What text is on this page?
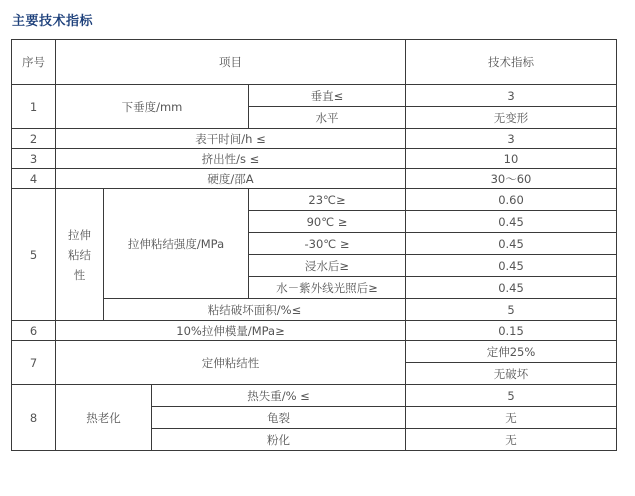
主要技术指标
序号	项目				技术指标
1	下垂度/mm			垂直≤	3
				水平	无变形
2	表干时间/h ≤				3
3	挤出性/s ≤				10
4	硬度/邵A				30～60
5	拉伸粘结性	拉伸粘结强度/MPa		23℃≥	0.60
				90℃ ≥	0.45
				-30℃ ≥	0.45
				浸水后≥	0.45
				水－紫外线光照后≥	0.45
		粘结破坏面积/%≤			5
6	10%拉伸模量/MPa≥				0.15
7	定伸粘结性				定伸25%
					无破坏
8	热老化		热失重/% ≤		5
			龟裂		无
			粉化		无
